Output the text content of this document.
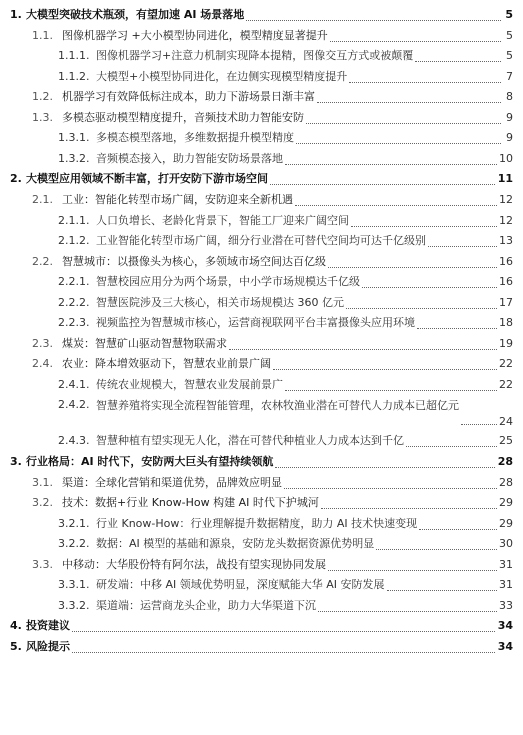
1. 大模型突破技术瓶颈，有望加速 AI 场景落地	5
1.1. 图像机器学习 +大小模型协同进化，模型精度显著提升	5
1.1.1. 图像机器学习+注意力机制实现降本提精，图像交互方式或被颠覆	5
1.1.2. 大模型+小模型协同进化，在边侧实现模型精度提升	7
1.2. 机器学习有效降低标注成本，助力下游场景日渐丰富	8
1.3. 多模态驱动模型精度提升，音频技术助力智能安防	9
1.3.1. 多模态模型落地，多维数据提升模型精度	9
1.3.2. 音频模态接入，助力智能安防场景落地	10
2. 大模型应用领域不断丰富，打开安防下游市场空间	11
2.1. 工业：智能化转型市场广阔，安防迎来全新机遇	12
2.1.1. 人口负增长、老龄化背景下，智能工厂迎来广阔空间	12
2.1.2. 工业智能化转型市场广阔，细分行业潜在可替代空间均可达千亿级别	13
2.2. 智慧城市：以摄像头为核心，多领域市场空间达百亿级	16
2.2.1. 智慧校园应用分为两个场景，中小学市场规模达千亿级	16
2.2.2. 智慧医院涉及三大核心，相关市场规模达 360 亿元	17
2.2.3. 视频监控为智慧城市核心，运营商视联网平台丰富摄像头应用环境	18
2.3. 煤炭：智慧矿山驱动智慧物联需求	19
2.4. 农业：降本增效驱动下，智慧农业前景广阔	22
2.4.1. 传统农业规模大，智慧农业发展前景广	22
2.4.2. 智慧养殖将实现全流程智能管理，农林牧渔业潜在可替代人力成本已超亿元
24
2.4.3. 智慧种植有望实现无人化，潜在可替代种植业人力成本达到千亿	25
3. 行业格局：AI 时代下，安防两大巨头有望持续领航	28
3.1. 渠道：全球化营销和渠道优势，品牌效应明显	28
3.2. 技术：数据+行业 Know-How 构建 AI 时代下护城河	29
3.2.1. 行业 Know-How：行业理解提升数据精度，助力 AI 技术快速变现	29
3.2.2. 数据：AI 模型的基础和源泉，安防龙头数据资源优势明显	30
3.3. 中移动：大华股份特有阿尔法，战投有望实现协同发展	31
3.3.1. 研发端：中移 AI 领域优势明显，深度赋能大华 AI 安防发展	31
3.3.2. 渠道端：运营商龙头企业，助力大华渠道下沉	33
4. 投资建议	34
5. 风险提示	34
